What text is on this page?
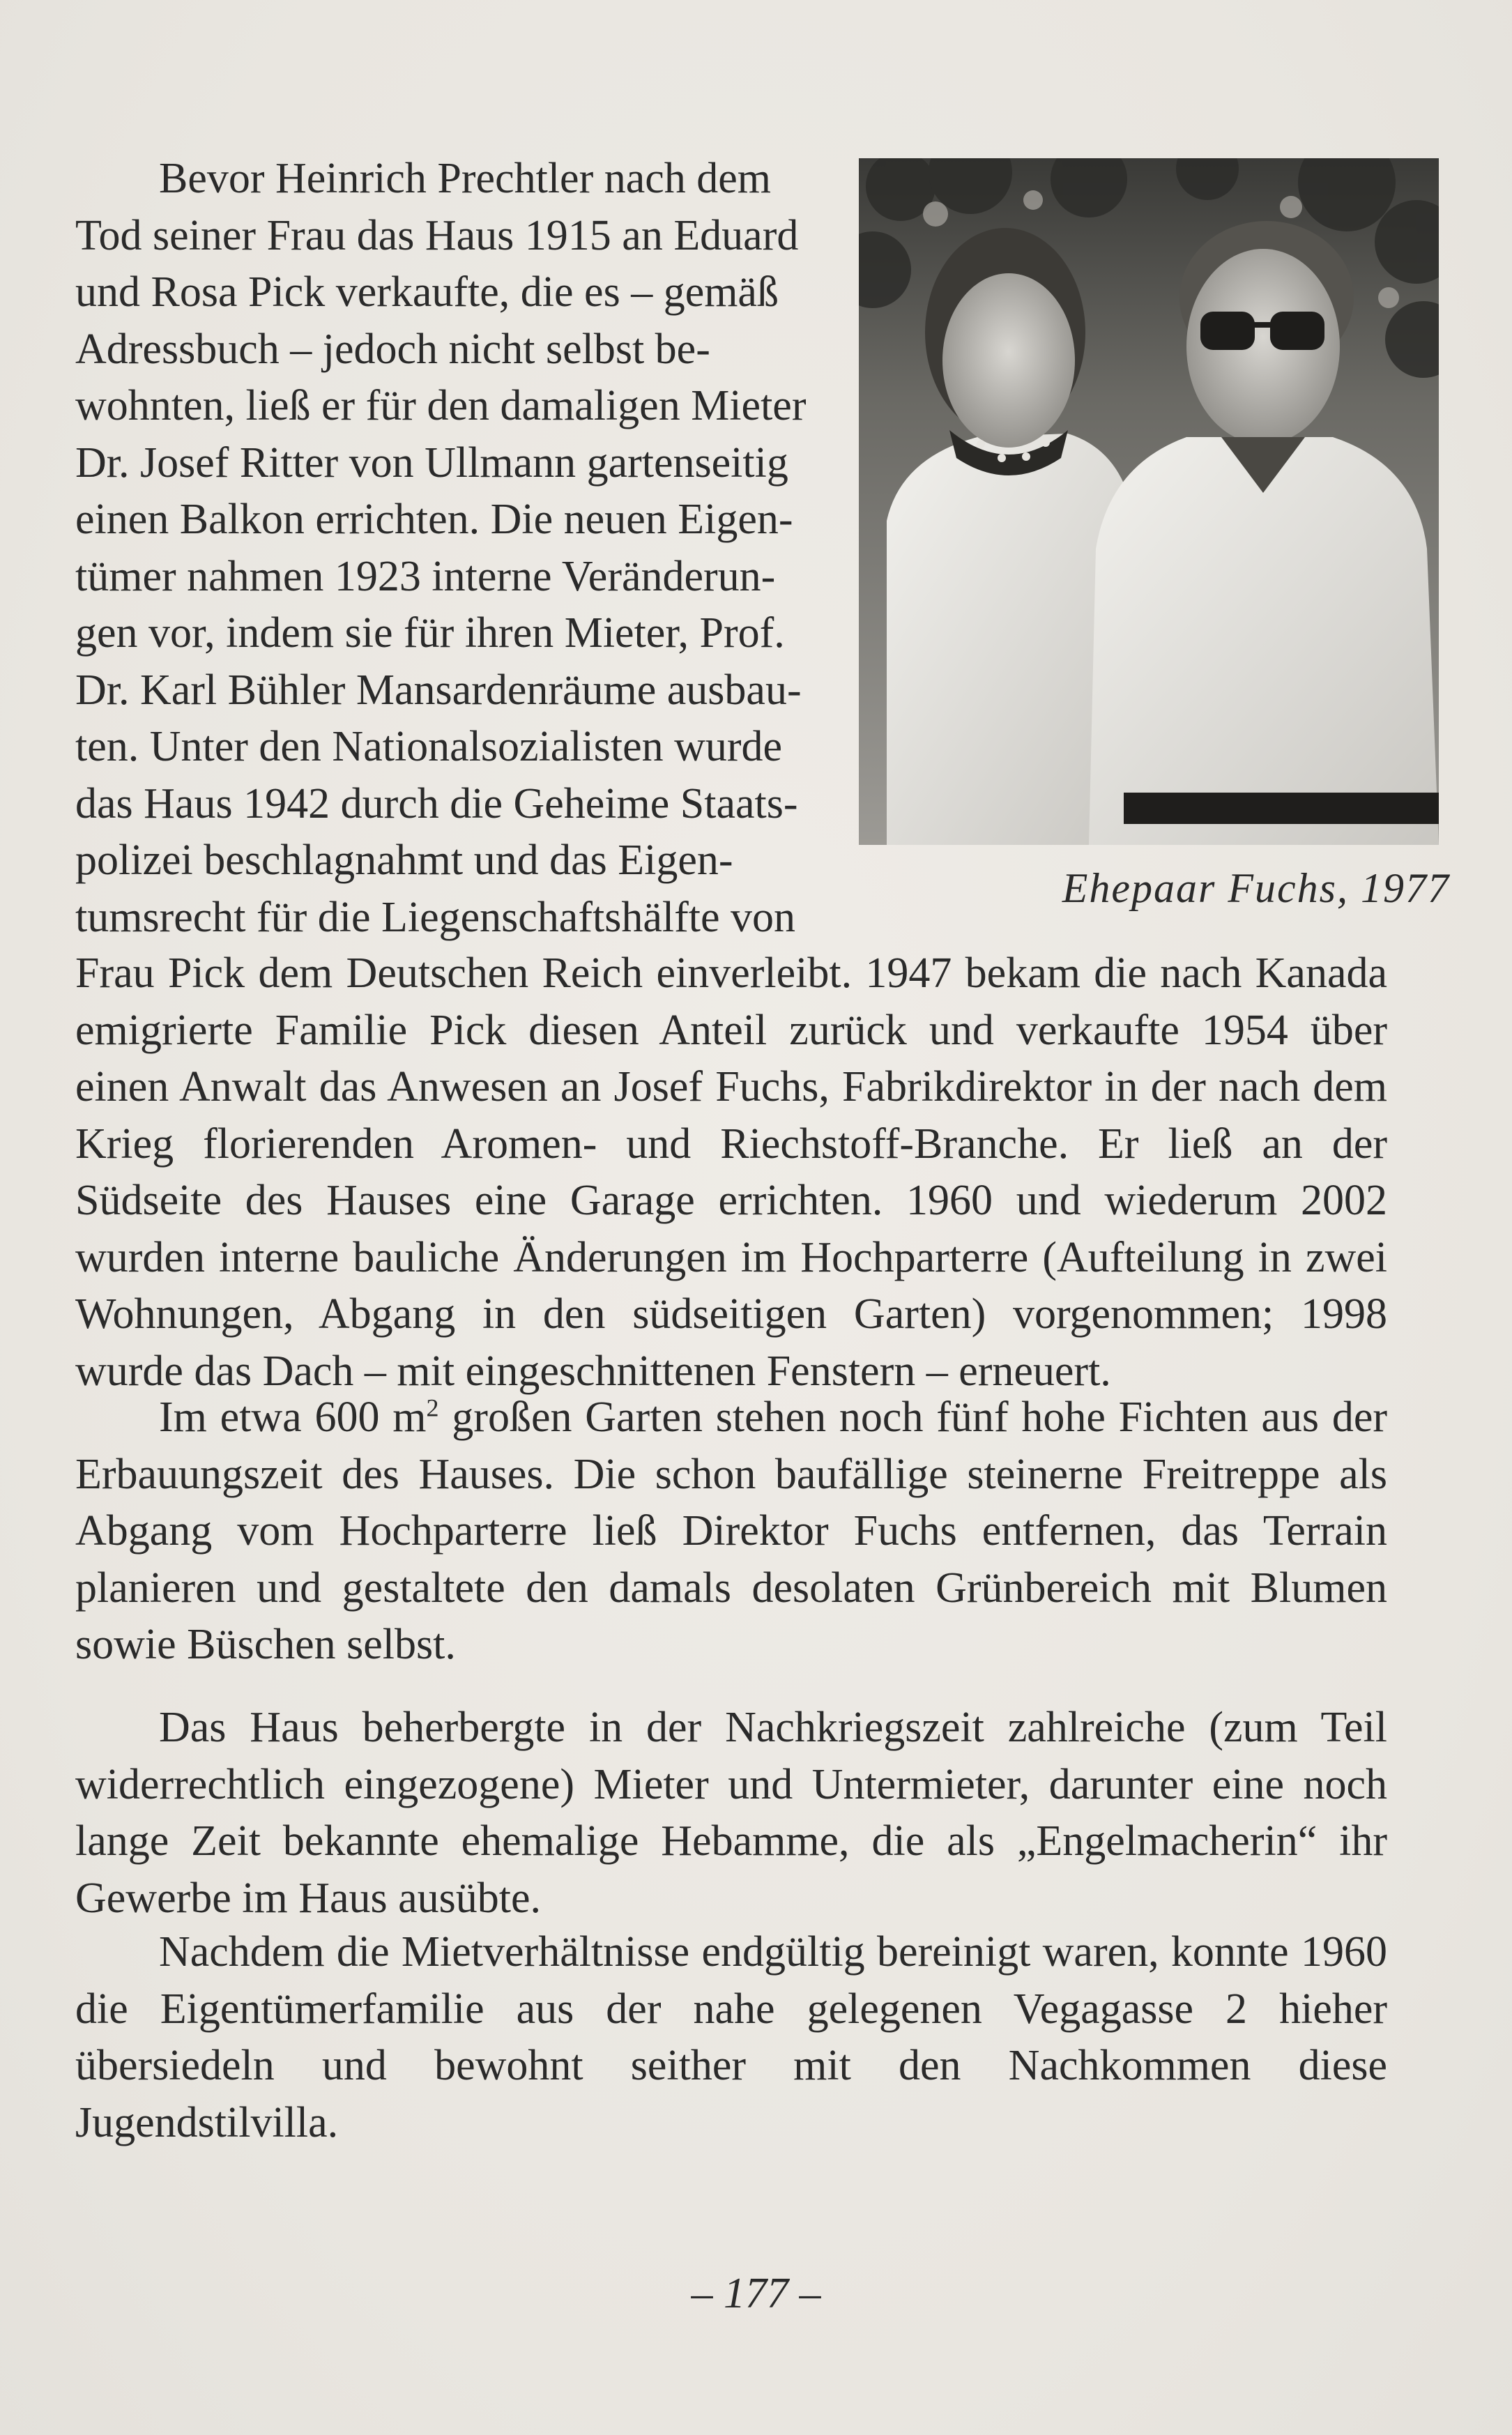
Bevor Heinrich Prechtler nach dem
Tod seiner Frau das Haus 1915 an Eduard
und Rosa Pick verkaufte, die es – gemäß
Adressbuch – jedoch nicht selbst be-
wohnten, ließ er für den damaligen Mieter
Dr. Josef Ritter von Ullmann gartenseitig
einen Balkon errichten. Die neuen Eigen-
tümer nahmen 1923 interne Veränderun-
gen vor, indem sie für ihren Mieter, Prof.
Dr. Karl Bühler Mansardenräume ausbau-
ten. Unter den Nationalsozialisten wurde
das Haus 1942 durch die Geheime Staats-
polizei beschlagnahmt und das Eigen-
tumsrecht für die Liegenschaftshälfte von

Ehepaar Fuchs, 1977

Frau Pick dem Deutschen Reich einverleibt. 1947 bekam die nach Kanada emigrierte Familie Pick diesen Anteil zurück und verkaufte 1954 über einen Anwalt das Anwesen an Josef Fuchs, Fabrikdirektor in der nach dem Krieg florierenden Aromen- und Riechstoff-Branche. Er ließ an der Südseite des Hauses eine Garage errichten. 1960 und wiederum 2002 wurden interne bauliche Änderungen im Hochparterre (Aufteilung in zwei Wohnungen, Abgang in den südseitigen Garten) vorgenommen; 1998 wurde das Dach – mit eingeschnittenen Fenstern – erneuert.

Im etwa 600 $m^2$ großen Garten stehen noch fünf hohe Fichten aus der Erbauungszeit des Hauses. Die schon baufällige steinerne Freitreppe als Abgang vom Hochparterre ließ Direktor Fuchs entfernen, das Terrain planieren und gestaltete den damals desolaten Grünbereich mit Blumen sowie Büschen selbst.

Das Haus beherbergte in der Nachkriegszeit zahlreiche (zum Teil widerrechtlich eingezogene) Mieter und Untermieter, darunter eine noch lange Zeit bekannte ehemalige Hebamme, die als „Engelmacherin“ ihr Gewerbe im Haus ausübte.

Nachdem die Mietverhältnisse endgültig bereinigt waren, konnte 1960 die Eigentümerfamilie aus der nahe gelegenen Vegagasse 2 hieher übersiedeln und bewohnt seither mit den Nachkommen diese Jugendstilvilla.

– 177 –
